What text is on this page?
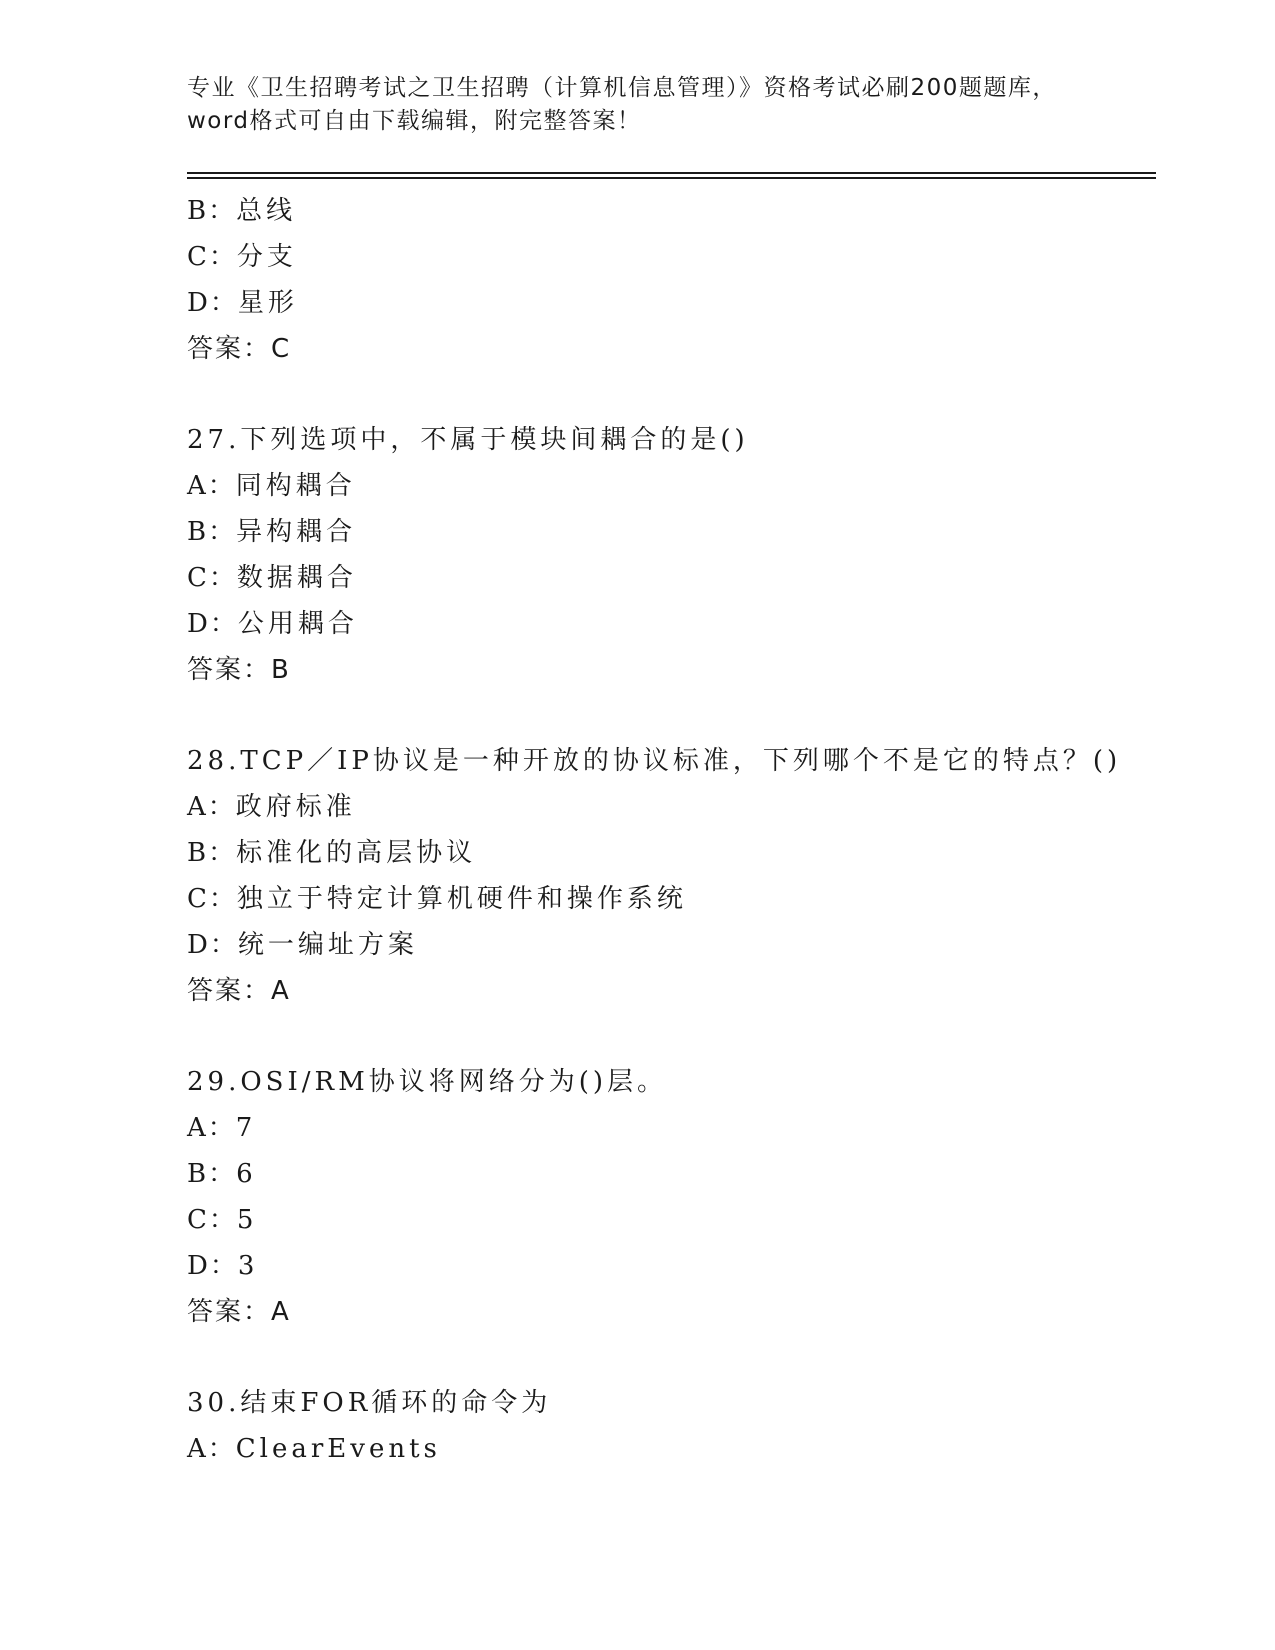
专业《卫生招聘考试之卫生招聘（计算机信息管理）》资格考试必刷200题题库，
word格式可自由下载编辑，附完整答案！
B：总线
C：分支
D：星形
答案：C
27.下列选项中，不属于模块间耦合的是()
A：同构耦合
B：异构耦合
C：数据耦合
D：公用耦合
答案：B
28.TCP／IP协议是一种开放的协议标准，下列哪个不是它的特点？()
A：政府标准
B：标准化的高层协议
C：独立于特定计算机硬件和操作系统
D：统一编址方案
答案：A
29.OSI/RM协议将网络分为()层。
A：7
B：6
C：5
D：3
答案：A
30.结束FOR循环的命令为
A：ClearEvents
